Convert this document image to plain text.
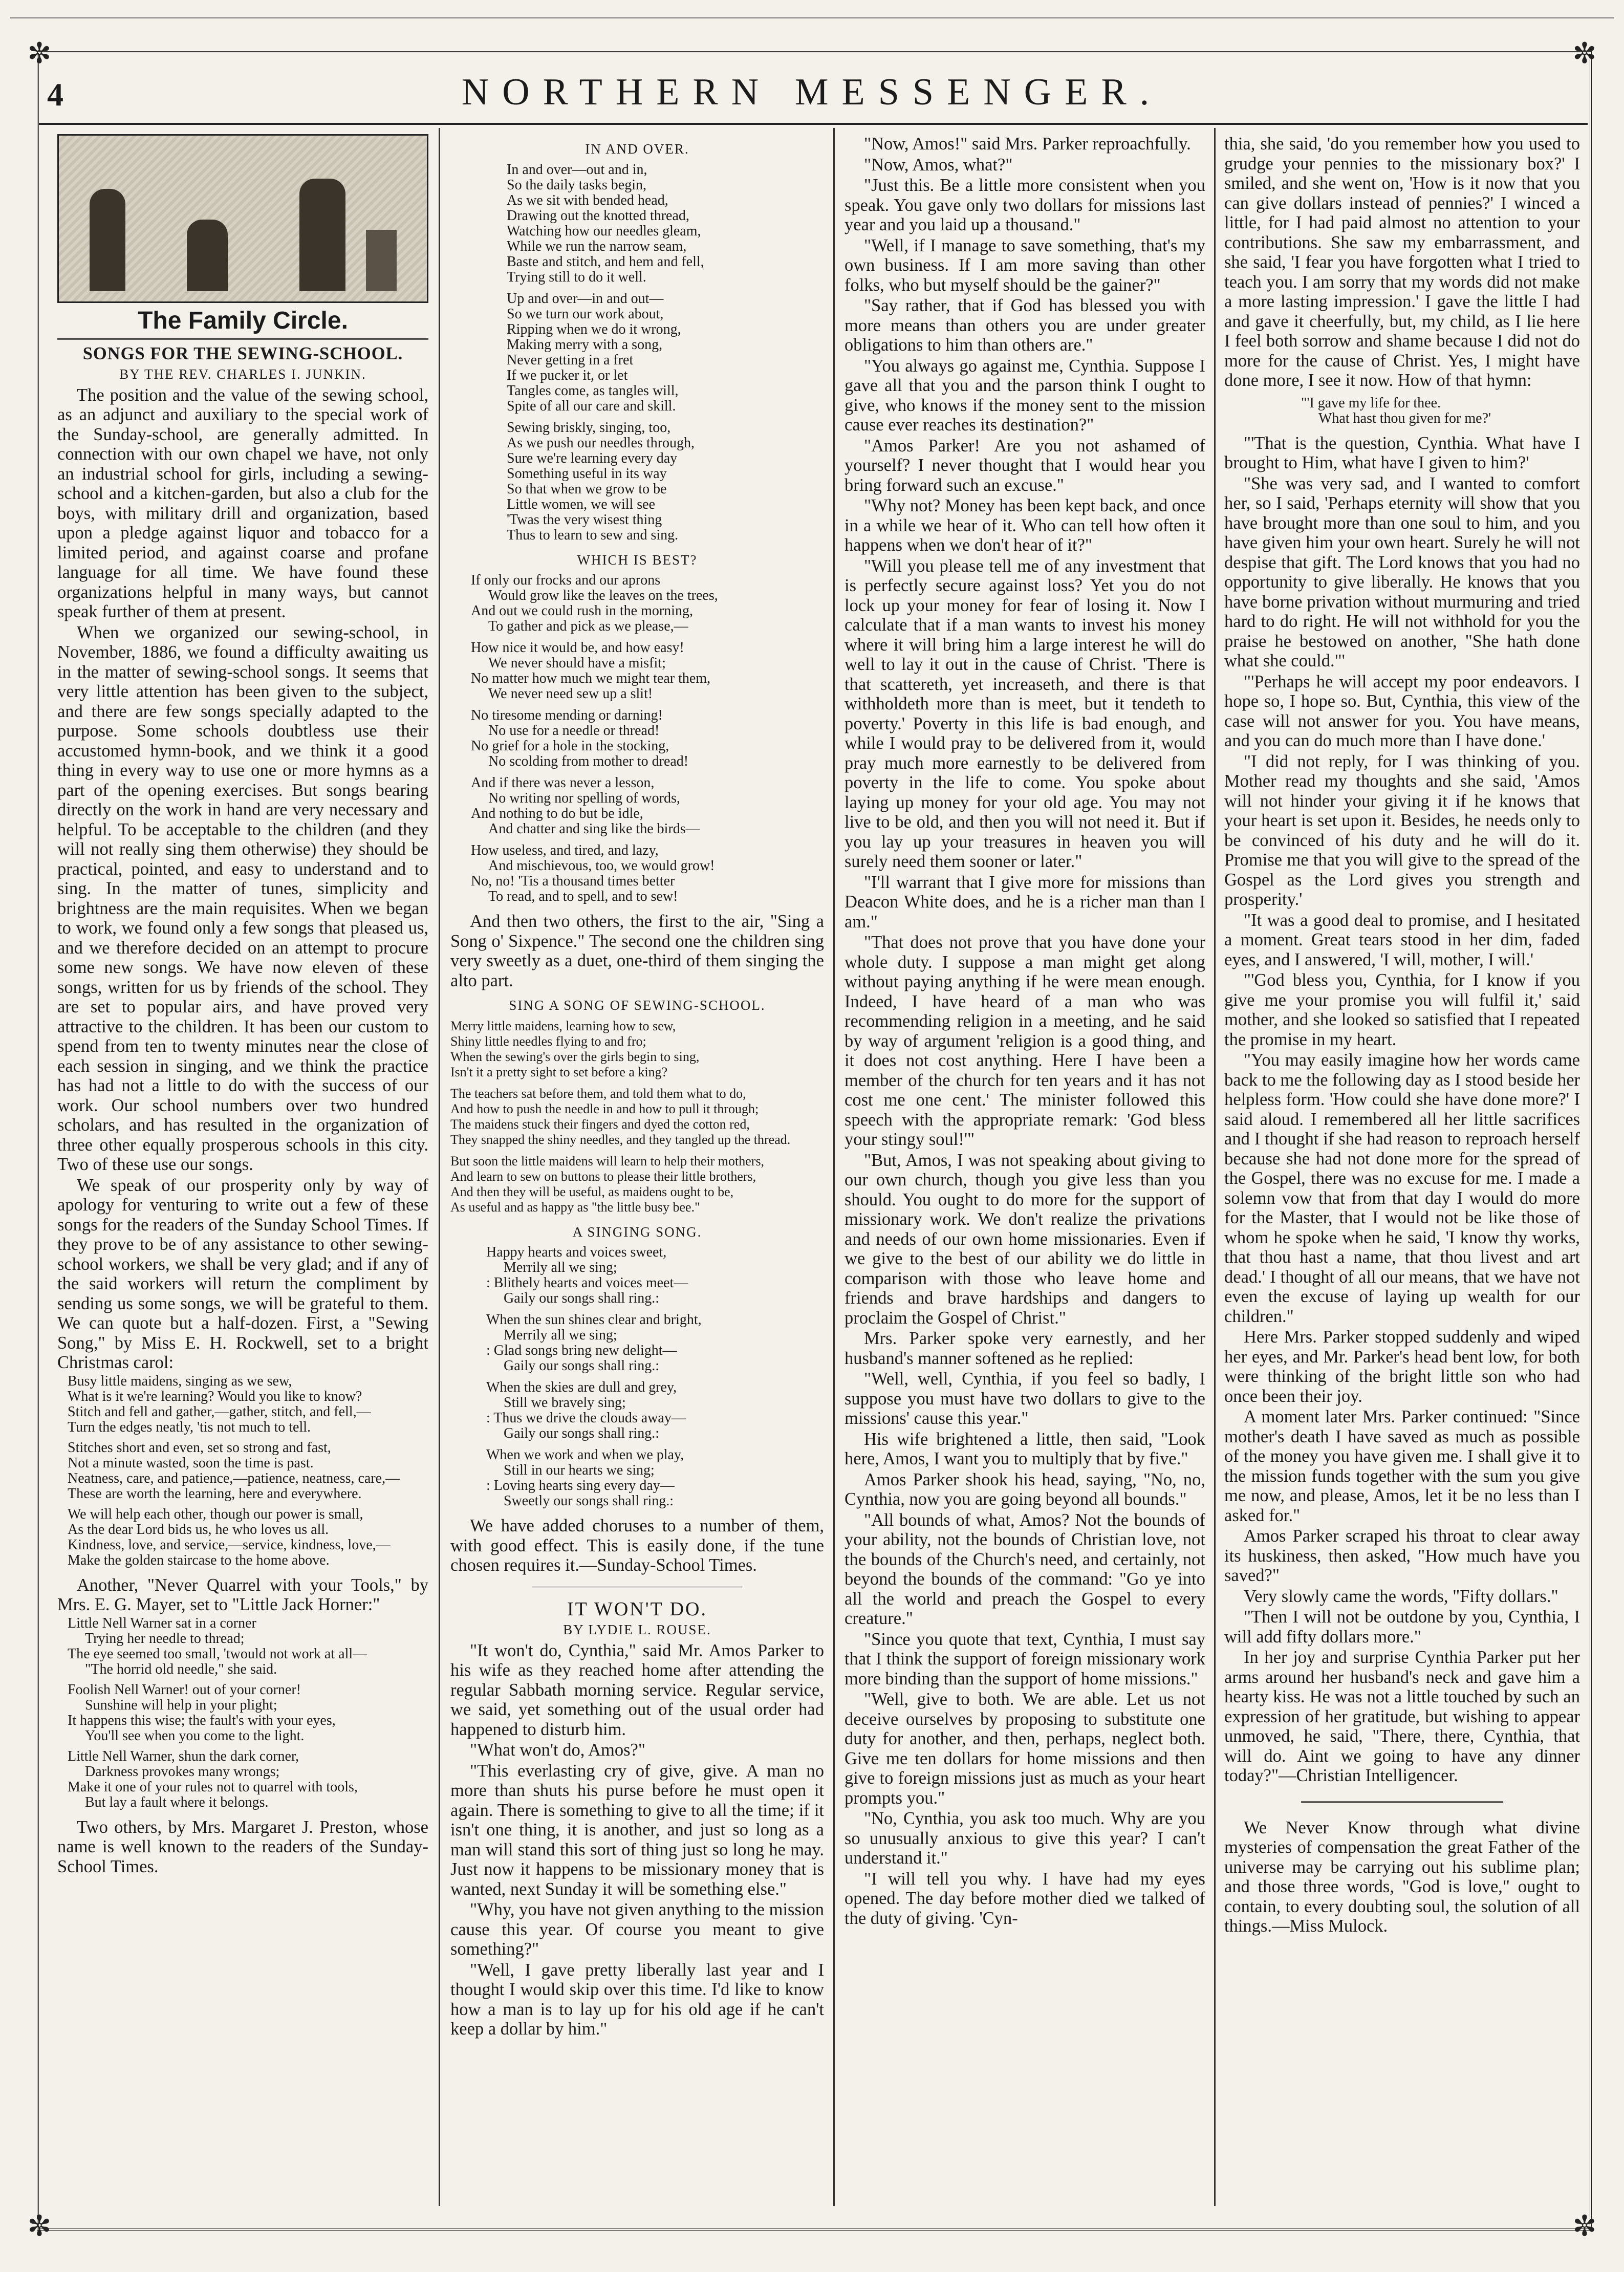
✼	✼
✼	✼
4	NORTHERN MESSENGER.
The Family Circle.

SONGS FOR THE SEWING-SCHOOL.

BY THE REV. CHARLES I. JUNKIN.

The position and the value of the sewing school, as an adjunct and auxiliary to the special work of the Sunday-school, are generally admitted. In connection with our own chapel we have, not only an industrial school for girls, including a sewing-school and a kitchen-garden, but also a club for the boys, with military drill and organization, based upon a pledge against liquor and tobacco for a limited period, and against coarse and profane language for all time. We have found these organizations helpful in many ways, but cannot speak further of them at present.

When we organized our sewing-school, in November, 1886, we found a difficulty awaiting us in the matter of sewing-school songs. It seems that very little attention has been given to the subject, and there are few songs specially adapted to the purpose. Some schools doubtless use their accustomed hymn-book, and we think it a good thing in every way to use one or more hymns as a part of the opening exercises. But songs bearing directly on the work in hand are very necessary and helpful. To be acceptable to the children (and they will not really sing them otherwise) they should be practical, pointed, and easy to understand and to sing. In the matter of tunes, simplicity and brightness are the main requisites. When we began to work, we found only a few songs that pleased us, and we therefore decided on an attempt to procure some new songs. We have now eleven of these songs, written for us by friends of the school. They are set to popular airs, and have proved very attractive to the children. It has been our custom to spend from ten to twenty minutes near the close of each session in singing, and we think the practice has had not a little to do with the success of our work. Our school numbers over two hundred scholars, and has resulted in the organization of three other equally prosperous schools in this city. Two of these use our songs.

We speak of our prosperity only by way of apology for venturing to write out a few of these songs for the readers of the Sunday School Times. If they prove to be of any assistance to other sewing-school workers, we shall be very glad; and if any of the said workers will return the compliment by sending us some songs, we will be grateful to them. We can quote but a half-dozen. First, a "Sewing Song," by Miss E. H. Rockwell, set to a bright Christmas carol:

Busy little maidens, singing as we sew,
What is it we're learning? Would you like to know?
Stitch and fell and gather,—gather, stitch, and fell,—
Turn the edges neatly, 'tis not much to tell.
Stitches short and even, set so strong and fast,
Not a minute wasted, soon the time is past.
Neatness, care, and patience,—patience, neatness, care,—
These are worth the learning, here and everywhere.
We will help each other, though our power is small,
As the dear Lord bids us, he who loves us all.
Kindness, love, and service,—service, kindness, love,—
Make the golden staircase to the home above.

Another, "Never Quarrel with your Tools," by Mrs. E. G. Mayer, set to "Little Jack Horner:"

Little Nell Warner sat in a corner
Trying her needle to thread;
The eye seemed too small, 'twould not work at all—
"The horrid old needle," she said.
Foolish Nell Warner! out of your corner!
Sunshine will help in your plight;
It happens this wise; the fault's with your eyes,
You'll see when you come to the light.
Little Nell Warner, shun the dark corner,
Darkness provokes many wrongs;
Make it one of your rules not to quarrel with tools,
But lay a fault where it belongs.

Two others, by Mrs. Margaret J. Preston, whose name is well known to the readers of the Sunday-School Times.

IN AND OVER.
In and over—out and in,
So the daily tasks begin,
As we sit with bended head,
Drawing out the knotted thread,
Watching how our needles gleam,
While we run the narrow seam,
Baste and stitch, and hem and fell,
Trying still to do it well.
Up and over—in and out—
So we turn our work about,
Ripping when we do it wrong,
Making merry with a song,
Never getting in a fret
If we pucker it, or let
Tangles come, as tangles will,
Spite of all our care and skill.
Sewing briskly, singing, too,
As we push our needles through,
Sure we're learning every day
Something useful in its way
So that when we grow to be
Little women, we will see
'Twas the very wisest thing
Thus to learn to sew and sing.
WHICH IS BEST?
If only our frocks and our aprons
Would grow like the leaves on the trees,
And out we could rush in the morning,
To gather and pick as we please,—
How nice it would be, and how easy!
We never should have a misfit;
No matter how much we might tear them,
We never need sew up a slit!
No tiresome mending or darning!
No use for a needle or thread!
No grief for a hole in the stocking,
No scolding from mother to dread!
And if there was never a lesson,
No writing nor spelling of words,
And nothing to do but be idle,
And chatter and sing like the birds—
How useless, and tired, and lazy,
And mischievous, too, we would grow!
No, no! 'Tis a thousand times better
To read, and to spell, and to sew!

And then two others, the first to the air, "Sing a Song o' Sixpence." The second one the children sing very sweetly as a duet, one-third of them singing the alto part.

SING A SONG OF SEWING-SCHOOL.
Merry little maidens, learning how to sew,
Shiny little needles flying to and fro;
When the sewing's over the girls begin to sing,
Isn't it a pretty sight to set before a king?
The teachers sat before them, and told them what to do,
And how to push the needle in and how to pull it through;
The maidens stuck their fingers and dyed the cotton red,
They snapped the shiny needles, and they tangled up the thread.
But soon the little maidens will learn to help their mothers,
And learn to sew on buttons to please their little brothers,
And then they will be useful, as maidens ought to be,
As useful and as happy as "the little busy bee."
A SINGING SONG.
Happy hearts and voices sweet,
Merrily all we sing;
: Blithely hearts and voices meet—
Gaily our songs shall ring.:
When the sun shines clear and bright,
Merrily all we sing;
: Glad songs bring new delight—
Gaily our songs shall ring.:
When the skies are dull and grey,
Still we bravely sing;
: Thus we drive the clouds away—
Gaily our songs shall ring.:
When we work and when we play,
Still in our hearts we sing;
: Loving hearts sing every day—
Sweetly our songs shall ring.:

We have added choruses to a number of them, with good effect. This is easily done, if the tune chosen requires it.—Sunday-School Times.

IT WON'T DO.

BY LYDIE L. ROUSE.

"It won't do, Cynthia," said Mr. Amos Parker to his wife as they reached home after attending the regular Sabbath morning service. Regular service, we said, yet something out of the usual order had happened to disturb him.

"What won't do, Amos?"

"This everlasting cry of give, give. A man no more than shuts his purse before he must open it again. There is something to give to all the time; if it isn't one thing, it is another, and just so long as a man will stand this sort of thing just so long he may. Just now it happens to be missionary money that is wanted, next Sunday it will be something else."

"Why, you have not given anything to the mission cause this year. Of course you meant to give something?"

"Well, I gave pretty liberally last year and I thought I would skip over this time. I'd like to know how a man is to lay up for his old age if he can't keep a dollar by him."

"Now, Amos!" said Mrs. Parker reproachfully.

"Now, Amos, what?"

"Just this. Be a little more consistent when you speak. You gave only two dollars for missions last year and you laid up a thousand."

"Well, if I manage to save something, that's my own business. If I am more saving than other folks, who but myself should be the gainer?"

"Say rather, that if God has blessed you with more means than others you are under greater obligations to him than others are."

"You always go against me, Cynthia. Suppose I gave all that you and the parson think I ought to give, who knows if the money sent to the mission cause ever reaches its destination?"

"Amos Parker! Are you not ashamed of yourself? I never thought that I would hear you bring forward such an excuse."

"Why not? Money has been kept back, and once in a while we hear of it. Who can tell how often it happens when we don't hear of it?"

"Will you please tell me of any investment that is perfectly secure against loss? Yet you do not lock up your money for fear of losing it. Now I calculate that if a man wants to invest his money where it will bring him a large interest he will do well to lay it out in the cause of Christ. 'There is that scattereth, yet increaseth, and there is that withholdeth more than is meet, but it tendeth to poverty.' Poverty in this life is bad enough, and while I would pray to be delivered from it, would pray much more earnestly to be delivered from poverty in the life to come. You spoke about laying up money for your old age. You may not live to be old, and then you will not need it. But if you lay up your treasures in heaven you will surely need them sooner or later."

"I'll warrant that I give more for missions than Deacon White does, and he is a richer man than I am."

"That does not prove that you have done your whole duty. I suppose a man might get along without paying anything if he were mean enough. Indeed, I have heard of a man who was recommending religion in a meeting, and he said by way of argument 'religion is a good thing, and it does not cost anything. Here I have been a member of the church for ten years and it has not cost me one cent.' The minister followed this speech with the appropriate remark: 'God bless your stingy soul!'"

"But, Amos, I was not speaking about giving to our own church, though you give less than you should. You ought to do more for the support of missionary work. We don't realize the privations and needs of our own home missionaries. Even if we give to the best of our ability we do little in comparison with those who leave home and friends and brave hardships and dangers to proclaim the Gospel of Christ."

Mrs. Parker spoke very earnestly, and her husband's manner softened as he replied:

"Well, well, Cynthia, if you feel so badly, I suppose you must have two dollars to give to the missions' cause this year."

His wife brightened a little, then said, "Look here, Amos, I want you to multiply that by five."

Amos Parker shook his head, saying, "No, no, Cynthia, now you are going beyond all bounds."

"All bounds of what, Amos? Not the bounds of your ability, not the bounds of Christian love, not the bounds of the Church's need, and certainly, not beyond the bounds of the command: "Go ye into all the world and preach the Gospel to every creature."

"Since you quote that text, Cynthia, I must say that I think the support of foreign missionary work more binding than the support of home missions."

"Well, give to both. We are able. Let us not deceive ourselves by proposing to substitute one duty for another, and then, perhaps, neglect both. Give me ten dollars for home missions and then give to foreign missions just as much as your heart prompts you."

"No, Cynthia, you ask too much. Why are you so unusually anxious to give this year? I can't understand it."

"I will tell you why. I have had my eyes opened. The day before mother died we talked of the duty of giving. 'Cyn-

thia, she said, 'do you remember how you used to grudge your pennies to the missionary box?' I smiled, and she went on, 'How is it now that you can give dollars instead of pennies?' I winced a little, for I had paid almost no attention to your contributions. She saw my embarrassment, and she said, 'I fear you have forgotten what I tried to teach you. I am sorry that my words did not make a more lasting impression.' I gave the little I had and gave it cheerfully, but, my child, as I lie here I feel both sorrow and shame because I did not do more for the cause of Christ. Yes, I might have done more, I see it now. How of that hymn:

"'I gave my life for thee.
What hast thou given for me?'

"'That is the question, Cynthia. What have I brought to Him, what have I given to him?'

"She was very sad, and I wanted to comfort her, so I said, 'Perhaps eternity will show that you have brought more than one soul to him, and you have given him your own heart. Surely he will not despise that gift. The Lord knows that you had no opportunity to give liberally. He knows that you have borne privation without murmuring and tried hard to do right. He will not withhold for you the praise he bestowed on another, "She hath done what she could."'

"'Perhaps he will accept my poor endeavors. I hope so, I hope so. But, Cynthia, this view of the case will not answer for you. You have means, and you can do much more than I have done.'

"I did not reply, for I was thinking of you. Mother read my thoughts and she said, 'Amos will not hinder your giving it if he knows that your heart is set upon it. Besides, he needs only to be convinced of his duty and he will do it. Promise me that you will give to the spread of the Gospel as the Lord gives you strength and prosperity.'

"It was a good deal to promise, and I hesitated a moment. Great tears stood in her dim, faded eyes, and I answered, 'I will, mother, I will.'

"'God bless you, Cynthia, for I know if you give me your promise you will fulfil it,' said mother, and she looked so satisfied that I repeated the promise in my heart.

"You may easily imagine how her words came back to me the following day as I stood beside her helpless form. 'How could she have done more?' I said aloud. I remembered all her little sacrifices and I thought if she had reason to reproach herself because she had not done more for the spread of the Gospel, there was no excuse for me. I made a solemn vow that from that day I would do more for the Master, that I would not be like those of whom he spoke when he said, 'I know thy works, that thou hast a name, that thou livest and art dead.' I thought of all our means, that we have not even the excuse of laying up wealth for our children."

Here Mrs. Parker stopped suddenly and wiped her eyes, and Mr. Parker's head bent low, for both were thinking of the bright little son who had once been their joy.

A moment later Mrs. Parker continued: "Since mother's death I have saved as much as possible of the money you have given me. I shall give it to the mission funds together with the sum you give me now, and please, Amos, let it be no less than I asked for."

Amos Parker scraped his throat to clear away its huskiness, then asked, "How much have you saved?"

Very slowly came the words, "Fifty dollars."

"Then I will not be outdone by you, Cynthia, I will add fifty dollars more."

In her joy and surprise Cynthia Parker put her arms around her husband's neck and gave him a hearty kiss. He was not a little touched by such an expression of her gratitude, but wishing to appear unmoved, he said, "There, there, Cynthia, that will do. Aint we going to have any dinner today?"—Christian Intelligencer.

We Never Know through what divine mysteries of compensation the great Father of the universe may be carrying out his sublime plan; and those three words, "God is love," ought to contain, to every doubting soul, the solution of all things.—Miss Mulock.
